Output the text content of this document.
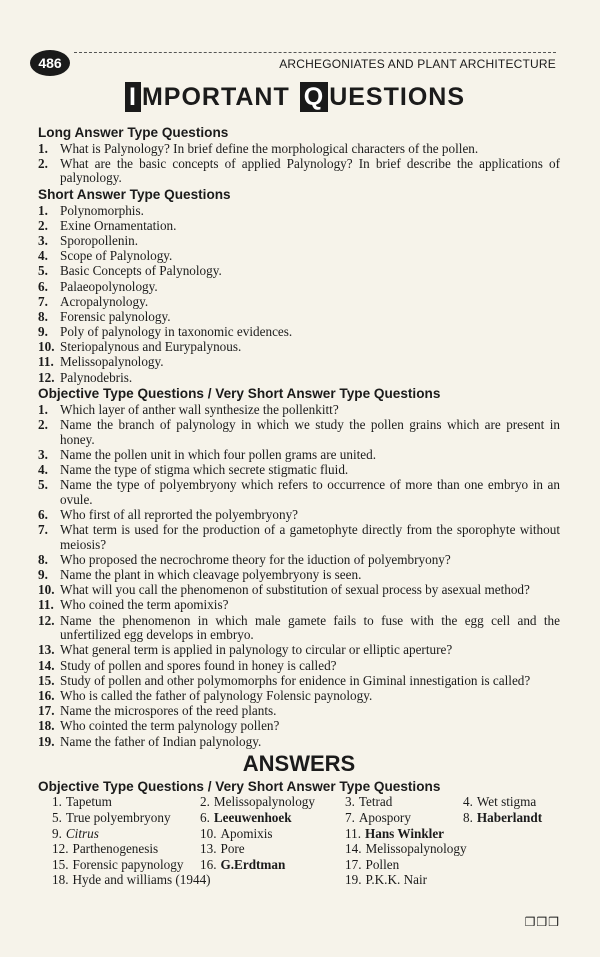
486	ARCHEGONIATES AND PLANT ARCHITECTURE
I MPORTANT Q UESTIONS
Long Answer Type Questions
1. What is Palynology? In brief define the morphological characters of the pollen.
2. What are the basic concepts of applied Palynology? In brief describe the applications of palynology.
Short Answer Type Questions
1. Polynomorphis.
2. Exine Ornamentation.
3. Sporopollenin.
4. Scope of Palynology.
5. Basic Concepts of Palynology.
6. Palaeopolynology.
7. Acropalynology.
8. Forensic palynology.
9. Poly of palynology in taxonomic evidences.
10. Steriopalynous and Eurypalynous.
11. Melissopalynology.
12. Palynodebris.
Objective Type Questions / Very Short Answer Type Questions
1. Which layer of anther wall synthesize the pollenkitt?
2. Name the branch of palynology in which we study the pollen grains which are present in honey.
3. Name the pollen unit in which four pollen grams are united.
4. Name the type of stigma which secrete stigmatic fluid.
5. Name the type of polyembryony which refers to occurrence of more than one embryo in an ovule.
6. Who first of all reprorted the polyembryony?
7. What term is used for the production of a gametophyte directly from the sporophyte without meiosis?
8. Who proposed the necrochrome theory for the iduction of polyembryony?
9. Name the plant in which cleavage polyembryony is seen.
10. What will you call the phenomenon of substitution of sexual process by asexual method?
11. Who coined the term apomixis?
12. Name the phenomenon in which male gamete fails to fuse with the egg cell and the unfertilized egg develops in embryo.
13. What general term is applied in palynology to circular or elliptic aperture?
14. Study of pollen and spores found in honey is called?
15. Study of pollen and other polymomorphs for enidence in Giminal innestigation is called?
16. Who is called the father of palynology Folensic paynology.
17. Name the microspores of the reed plants.
18. Who cointed the term palynology pollen?
19. Name the father of Indian palynology.
ANSWERS
Objective Type Questions / Very Short Answer Type Questions
1. Tapetum	2. Melissopalynology	3. Tetrad	4. Wet stigma
5. True polyembryony	6. Leeuwenhoek	7. Apospory	8. Haberlandt
9. Citrus	10. Apomixis	11. Hans Winkler
12. Parthenogenesis	13. Pore	14. Melissopalynology
15. Forensic papynology	16. G.Erdtman	17. Pollen
18. Hyde and williams (1944)	19. P.K.K. Nair
❒❒❒
